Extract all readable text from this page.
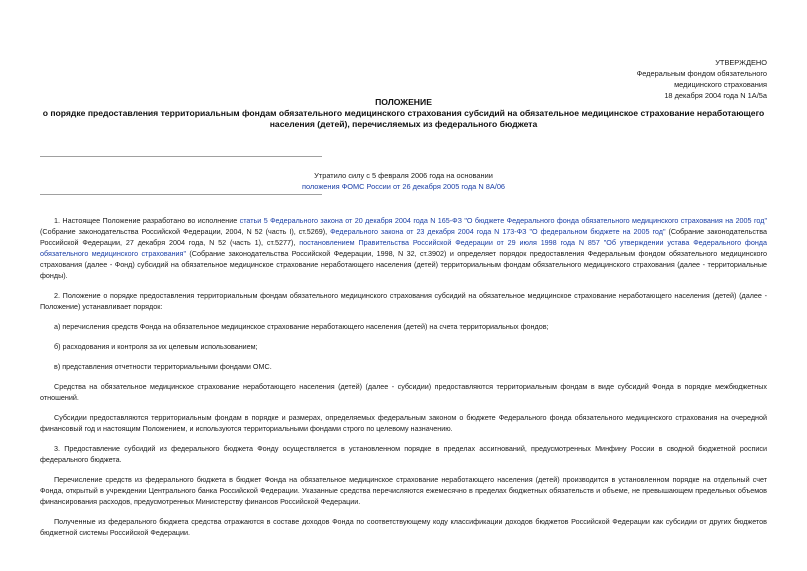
УТВЕРЖДЕНО
Федеральным фондом обязательного
медицинского страхования
18 декабря 2004 года N 1А/5а
ПОЛОЖЕНИЕ
о порядке предоставления территориальным фондам обязательного медицинского страхования субсидий на обязательное медицинское страхование неработающего
населения (детей), перечисляемых из федерального бюджета
Утратило силу с 5 февраля 2006 года на основании
положения ФОМС России от 26 декабря 2005 года N 8А/06

1. Настоящее Положение разработано во исполнение статьи 5 Федерального закона от 20 декабря 2004 года N 165-ФЗ "О бюджете Федерального фонда обязательного медицинского страхования на 2005 год" (Собрание законодательства Российской Федерации, 2004, N 52 (часть I), ст.5269), Федерального закона от 23 декабря 2004 года N 173-ФЗ "О федеральном бюджете на 2005 год" (Собрание законодательства Российской Федерации, 27 декабря 2004 года, N 52 (часть 1), ст.5277), постановлением Правительства Российской Федерации от 29 июля 1998 года N 857 "Об утверждении устава Федерального фонда обязательного медицинского страхования" (Собрание законодательства Российской Федерации, 1998, N 32, ст.3902) и определяет порядок предоставления Федеральным фондом обязательного медицинского страхования (далее - Фонд) субсидий на обязательное медицинское страхование неработающего населения (детей) территориальным фондам обязательного медицинского страхования (далее - территориальные фонды).

2. Положение о порядке предоставления территориальным фондам обязательного медицинского страхования субсидий на обязательное медицинское страхование неработающего населения (детей) (далее - Положение) устанавливает порядок:

а) перечисления средств Фонда на обязательное медицинское страхование неработающего населения (детей) на счета территориальных фондов;

б) расходования и контроля за их целевым использованием;

в) представления отчетности территориальными фондами ОМС.

Средства на обязательное медицинское страхование неработающего населения (детей) (далее - субсидии) предоставляются территориальным фондам в виде субсидий Фонда в порядке межбюджетных отношений.

Субсидии предоставляются территориальным фондам в порядке и размерах, определяемых федеральным законом о бюджете Федерального фонда обязательного медицинского страхования на очередной финансовый год и настоящим Положением, и используются территориальными фондами строго по целевому назначению.

3. Предоставление субсидий из федерального бюджета Фонду осуществляется в установленном порядке в пределах ассигнований, предусмотренных Минфину России в сводной бюджетной росписи федерального бюджета.

Перечисление средств из федерального бюджета в бюджет Фонда на обязательное медицинское страхование неработающего населения (детей) производится в установленном порядке на отдельный счет Фонда, открытый в учреждении Центрального банка Российской Федерации. Указанные средства перечисляются ежемесячно в пределах бюджетных обязательств и объеме, не превышающем предельных объемов финансирования расходов, предусмотренных Министерству финансов Российской Федерации.

Полученные из федерального бюджета средства отражаются в составе доходов Фонда по соответствующему коду классификации доходов бюджетов Российской Федерации как субсидии от других бюджетов бюджетной системы Российской Федерации.
